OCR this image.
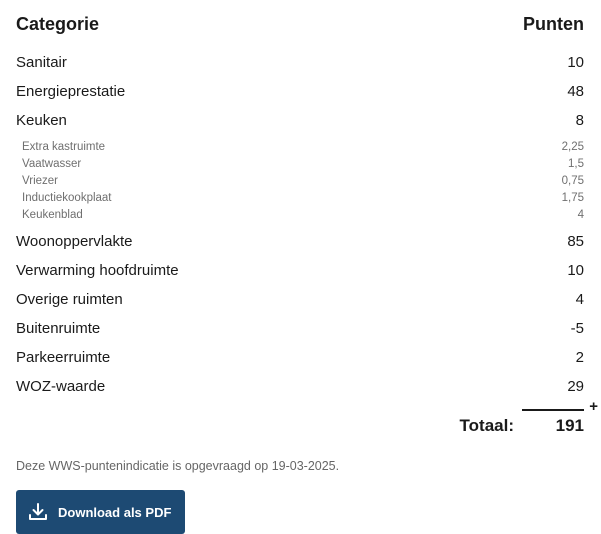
Categorie	Punten
Sanitair	10
Energieprestatie	48
Keuken	8
Extra kastruimte	2,25
Vaatwasser	1,5
Vriezer	0,75
Inductiekookplaat	1,75
Keukenblad	4
Woonoppervlakte	85
Verwarming hoofdruimte	10
Overige ruimten	4
Buitenruimte	-5
Parkeerruimte	2
WOZ-waarde	29
+
Totaal: 191
Deze WWS-puntenindicatie is opgevraagd op 19-03-2025.
Download als PDF
